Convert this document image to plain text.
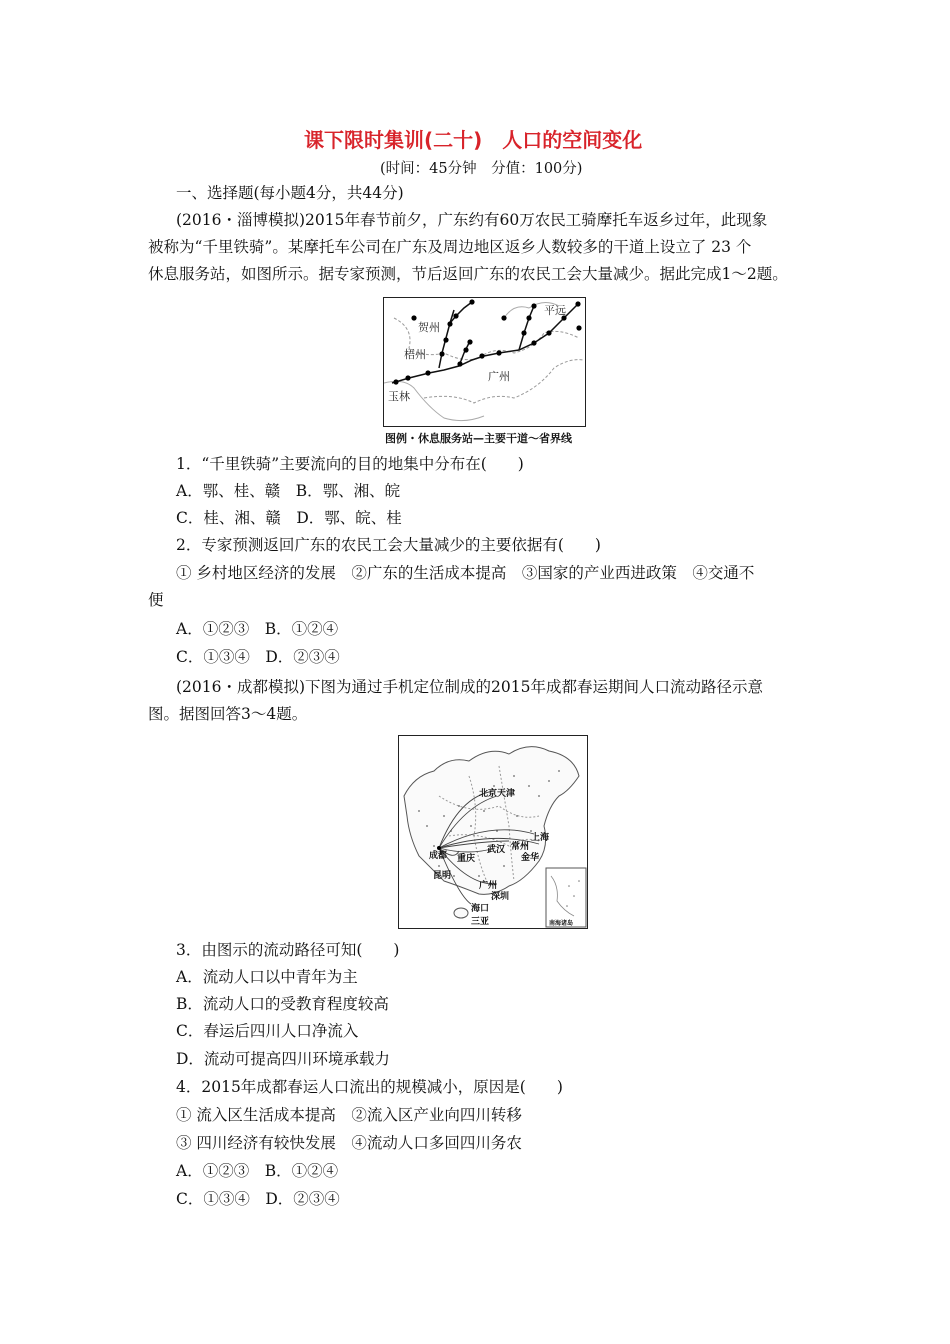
课下限时集训(二十)　人口的空间变化
(时间：45分钟　分值：100分)
一、选择题(每小题4分，共44分)
(2016・淄博模拟)2015年春节前夕，广东约有60万农民工骑摩托车返乡过年，此现象
被称为“千里铁骑”。某摩托车公司在广东及周边地区返乡人数较多的干道上设立了 23 个
休息服务站，如图所示。据专家预测，节后返回广东的农民工会大量减少。据此完成1～2题。
贺州
梧州
玉林
广州
平远
图例・休息服务站—主要干道～省界线
1．“千里铁骑”主要流向的目的地集中分布在(　　)
A．鄂、桂、赣　B．鄂、湘、皖
C．桂、湘、赣　D．鄂、皖、桂
2．专家预测返回广东的农民工会大量减少的主要依据有(　　)
① 乡村地区经济的发展　②广东的生活成本提高　③国家的产业西进政策　④交通不
便
A．①②③　B．①②④
C．①③④　D．②③④
(2016・成都模拟)下图为通过手机定位制成的2015年成都春运期间人口流动路径示意
图。据图回答3～4题。
北京天津
成都 重庆
武汉 常州
上海
金华
昆明
广州
深圳
海口
三亚	南海诸岛
3．由图示的流动路径可知(　　)
A．流动人口以中青年为主
B．流动人口的受教育程度较高
C．春运后四川人口净流入
D．流动可提高四川环境承载力
4．2015年成都春运人口流出的规模减小，原因是(　　)
① 流入区生活成本提高　②流入区产业向四川转移
③ 四川经济有较快发展　④流动人口多回四川务农
A．①②③　B．①②④
C．①③④　D．②③④
